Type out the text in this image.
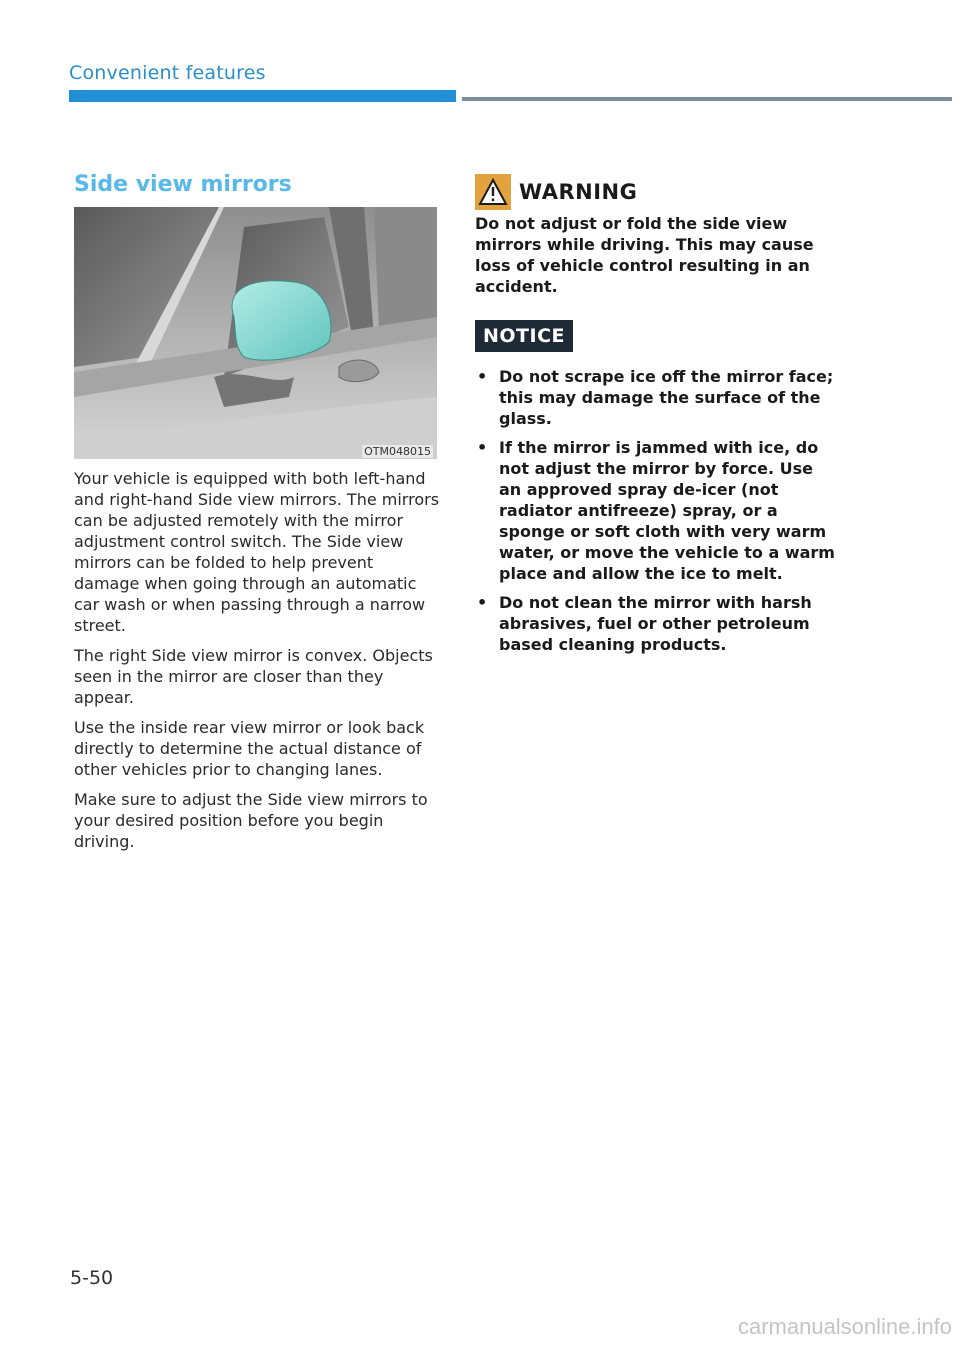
Convenient features
Side view mirrors
OTM048015

Your vehicle is equipped with both left-hand and right-hand Side view mirrors. The mirrors can be adjusted remotely with the mirror adjustment control switch. The Side view mirrors can be folded to help prevent damage when going through an automatic car wash or when passing through a narrow street.

The right Side view mirror is convex. Objects seen in the mirror are closer than they appear.

Use the inside rear view mirror or look back directly to determine the actual distance of other vehicles prior to changing lanes.

Make sure to adjust the Side view mirrors to your desired position before you begin driving.

WARNING
Do not adjust or fold the side view mirrors while driving. This may cause loss of vehicle control resulting in an accident.
NOTICE
• Do not scrape ice off the mirror face; this may damage the surface of the glass.
• If the mirror is jammed with ice, do not adjust the mirror by force. Use an approved spray de-icer (not radiator antifreeze) spray, or a sponge or soft cloth with very warm water, or move the vehicle to a warm place and allow the ice to melt.
• Do not clean the mirror with harsh abrasives, fuel or other petroleum based cleaning products.
5-50
carmanualsonline.info
